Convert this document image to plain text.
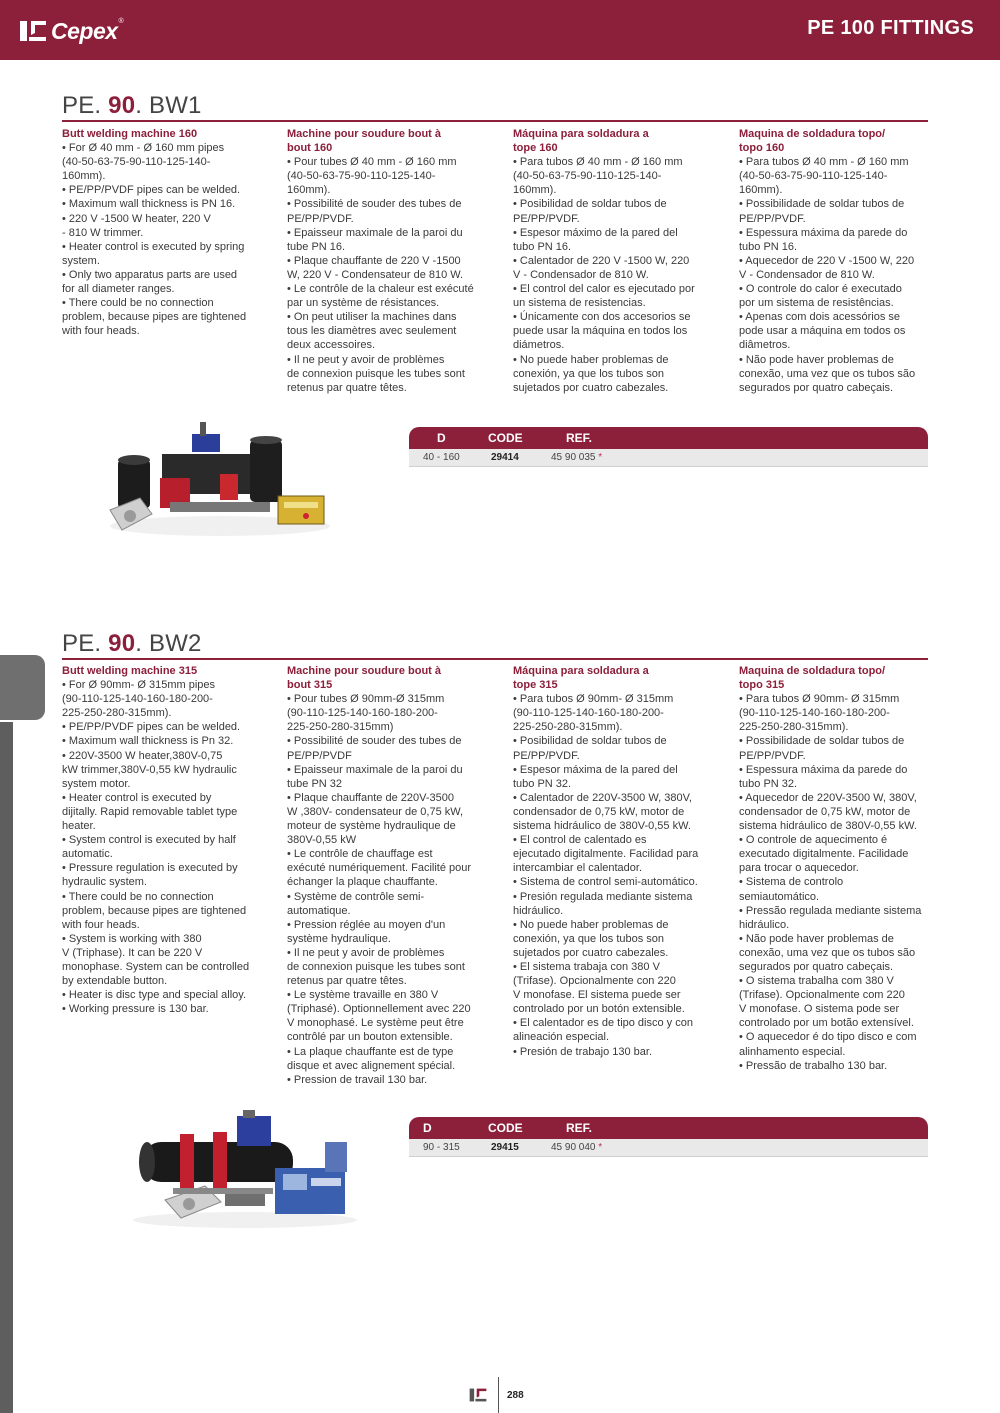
Cepex ®	PE 100 FITTINGS
PE. 90. BW1
Butt welding machine 160
• For Ø 40 mm - Ø 160 mm pipes
(40-50-63-75-90-110-125-140-
160mm).
• PE/PP/PVDF pipes can be welded.
• Maximum wall thickness is PN 16.
• 220 V -1500 W heater, 220 V
- 810 W trimmer.
• Heater control is executed by spring
system.
• Only two apparatus parts are used
for all diameter ranges.
• There could be no connection
problem, because pipes are tightened
with four heads.
Machine pour soudure bout à
bout 160
• Pour tubes Ø 40 mm - Ø 160 mm
(40-50-63-75-90-110-125-140-
160mm).
• Possibilité de souder des tubes de
PE/PP/PVDF.
• Epaisseur maximale de la paroi du
tube PN 16.
• Plaque chauffante de 220 V -1500
W, 220 V - Condensateur de 810 W.
• Le contrôle de la chaleur est exécuté
par un système de résistances.
• On peut utiliser la machines dans
tous les diamètres avec seulement
deux accessoires.
• Il ne peut y avoir de problèmes
de connexion puisque les tubes sont
retenus par quatre têtes.
Máquina para soldadura a
tope 160
• Para tubos Ø 40 mm - Ø 160 mm
(40-50-63-75-90-110-125-140-
160mm).
• Posibilidad de soldar tubos de
PE/PP/PVDF.
• Espesor máximo de la pared del
tubo PN 16.
• Calentador de 220 V -1500 W, 220
V - Condensador de 810 W.
• El control del calor es ejecutado por
un sistema de resistencias.
• Únicamente con dos accesorios se
puede usar la máquina en todos los
diámetros.
• No puede haber problemas de
conexión, ya que los tubos son
sujetados por cuatro cabezales.
Maquina de soldadura topo/
topo 160
• Para tubos Ø 40 mm - Ø 160 mm
(40-50-63-75-90-110-125-140-
160mm).
• Possibilidade de soldar tubos de
PE/PP/PVDF.
• Espessura máxima da parede do
tubo PN 16.
• Aquecedor de 220 V -1500 W, 220
V - Condensador de 810 W.
• O controle do calor é executado
por um sistema de resistências.
• Apenas com dois acessórios se
pode usar a máquina em todos os
diâmetros.
• Não pode haver problemas de
conexão, uma vez que os tubos são
segurados por quatro cabeçais.
D	CODE	REF.
40 - 160	29414	45 90 035 *
PE. 90. BW2
Butt welding machine 315
• For Ø 90mm- Ø 315mm pipes
(90-110-125-140-160-180-200-
225-250-280-315mm).
• PE/PP/PVDF pipes can be welded.
• Maximum wall thickness is Pn 32.
• 220V-3500 W heater,380V-0,75
kW trimmer,380V-0,55 kW hydraulic
system motor.
• Heater control is executed by
dijitally. Rapid removable tablet type
heater.
• System control is executed by half
automatic.
• Pressure regulation is executed by
hydraulic system.
• There could be no connection
problem, because pipes are tightened
with four heads.
• System is working with 380
V (Triphase). It can be 220 V
monophase. System can be controlled
by extendable button.
• Heater is disc type and special alloy.
• Working pressure is 130 bar.
Machine pour soudure bout à
bout 315
• Pour tubes Ø 90mm-Ø 315mm
(90-110-125-140-160-180-200-
225-250-280-315mm)
• Possibilité de souder des tubes de
PE/PP/PVDF
• Epaisseur maximale de la paroi du
tube PN 32
• Plaque chauffante de 220V-3500
W ,380V- condensateur de 0,75 kW,
moteur de système hydraulique de
380V-0,55 kW
• Le contrôle de chauffage est
exécuté numériquement. Facilité pour
échanger la plaque chauffante.
• Système de contrôle semi-
automatique.
• Pression réglée au moyen d'un
système hydraulique.
• Il ne peut y avoir de problèmes
de connexion puisque les tubes sont
retenus par quatre têtes.
• Le système travaille en 380 V
(Triphasé). Optionnellement avec 220
V monophasé. Le système peut être
contrôlé par un bouton extensible.
• La plaque chauffante est de type
disque et avec alignement spécial.
• Pression de travail 130 bar.
Máquina para soldadura a
tope 315
• Para tubos Ø 90mm- Ø 315mm
(90-110-125-140-160-180-200-
225-250-280-315mm).
• Posibilidad de soldar tubos de
PE/PP/PVDF.
• Espesor máxima de la pared del
tubo PN 32.
• Calentador de 220V-3500 W, 380V,
condensador de 0,75 kW, motor de
sistema hidráulico de 380V-0,55 kW.
• El control de calentado es
ejecutado digitalmente. Facilidad para
intercambiar el calentador.
• Sistema de control semi-automático.
• Presión regulada mediante sistema
hidráulico.
• No puede haber problemas de
conexión, ya que los tubos son
sujetados por cuatro cabezales.
• El sistema trabaja con 380 V
(Trifase). Opcionalmente con 220
V monofase. El sistema puede ser
controlado por un botón extensible.
• El calentador es de tipo disco y con
alineación especial.
• Presión de trabajo 130 bar.
Maquina de soldadura topo/
topo 315
• Para tubos Ø 90mm- Ø 315mm
(90-110-125-140-160-180-200-
225-250-280-315mm).
• Possibilidade de soldar tubos de
PE/PP/PVDF.
• Espessura máxima da parede do
tubo PN 32.
• Aquecedor de 220V-3500 W, 380V,
condensador de 0,75 kW, motor de
sistema hidráulico de 380V-0,55 kW.
• O controle de aquecimento é
executado digitalmente. Facilidade
para trocar o aquecedor.
• Sistema de controlo
semiautomático.
• Pressão regulada mediante sistema
hidráulico.
• Não pode haver problemas de
conexão, uma vez que os tubos são
segurados por quatro cabeçais.
• O sistema trabalha com 380 V
(Trifase). Opcionalmente com 220
V monofase. O sistema pode ser
controlado por um botão extensível.
• O aquecedor é do tipo disco e com
alinhamento especial.
• Pressão de trabalho 130 bar.
D	CODE	REF.
90 - 315	29415	45 90 040 *
288
